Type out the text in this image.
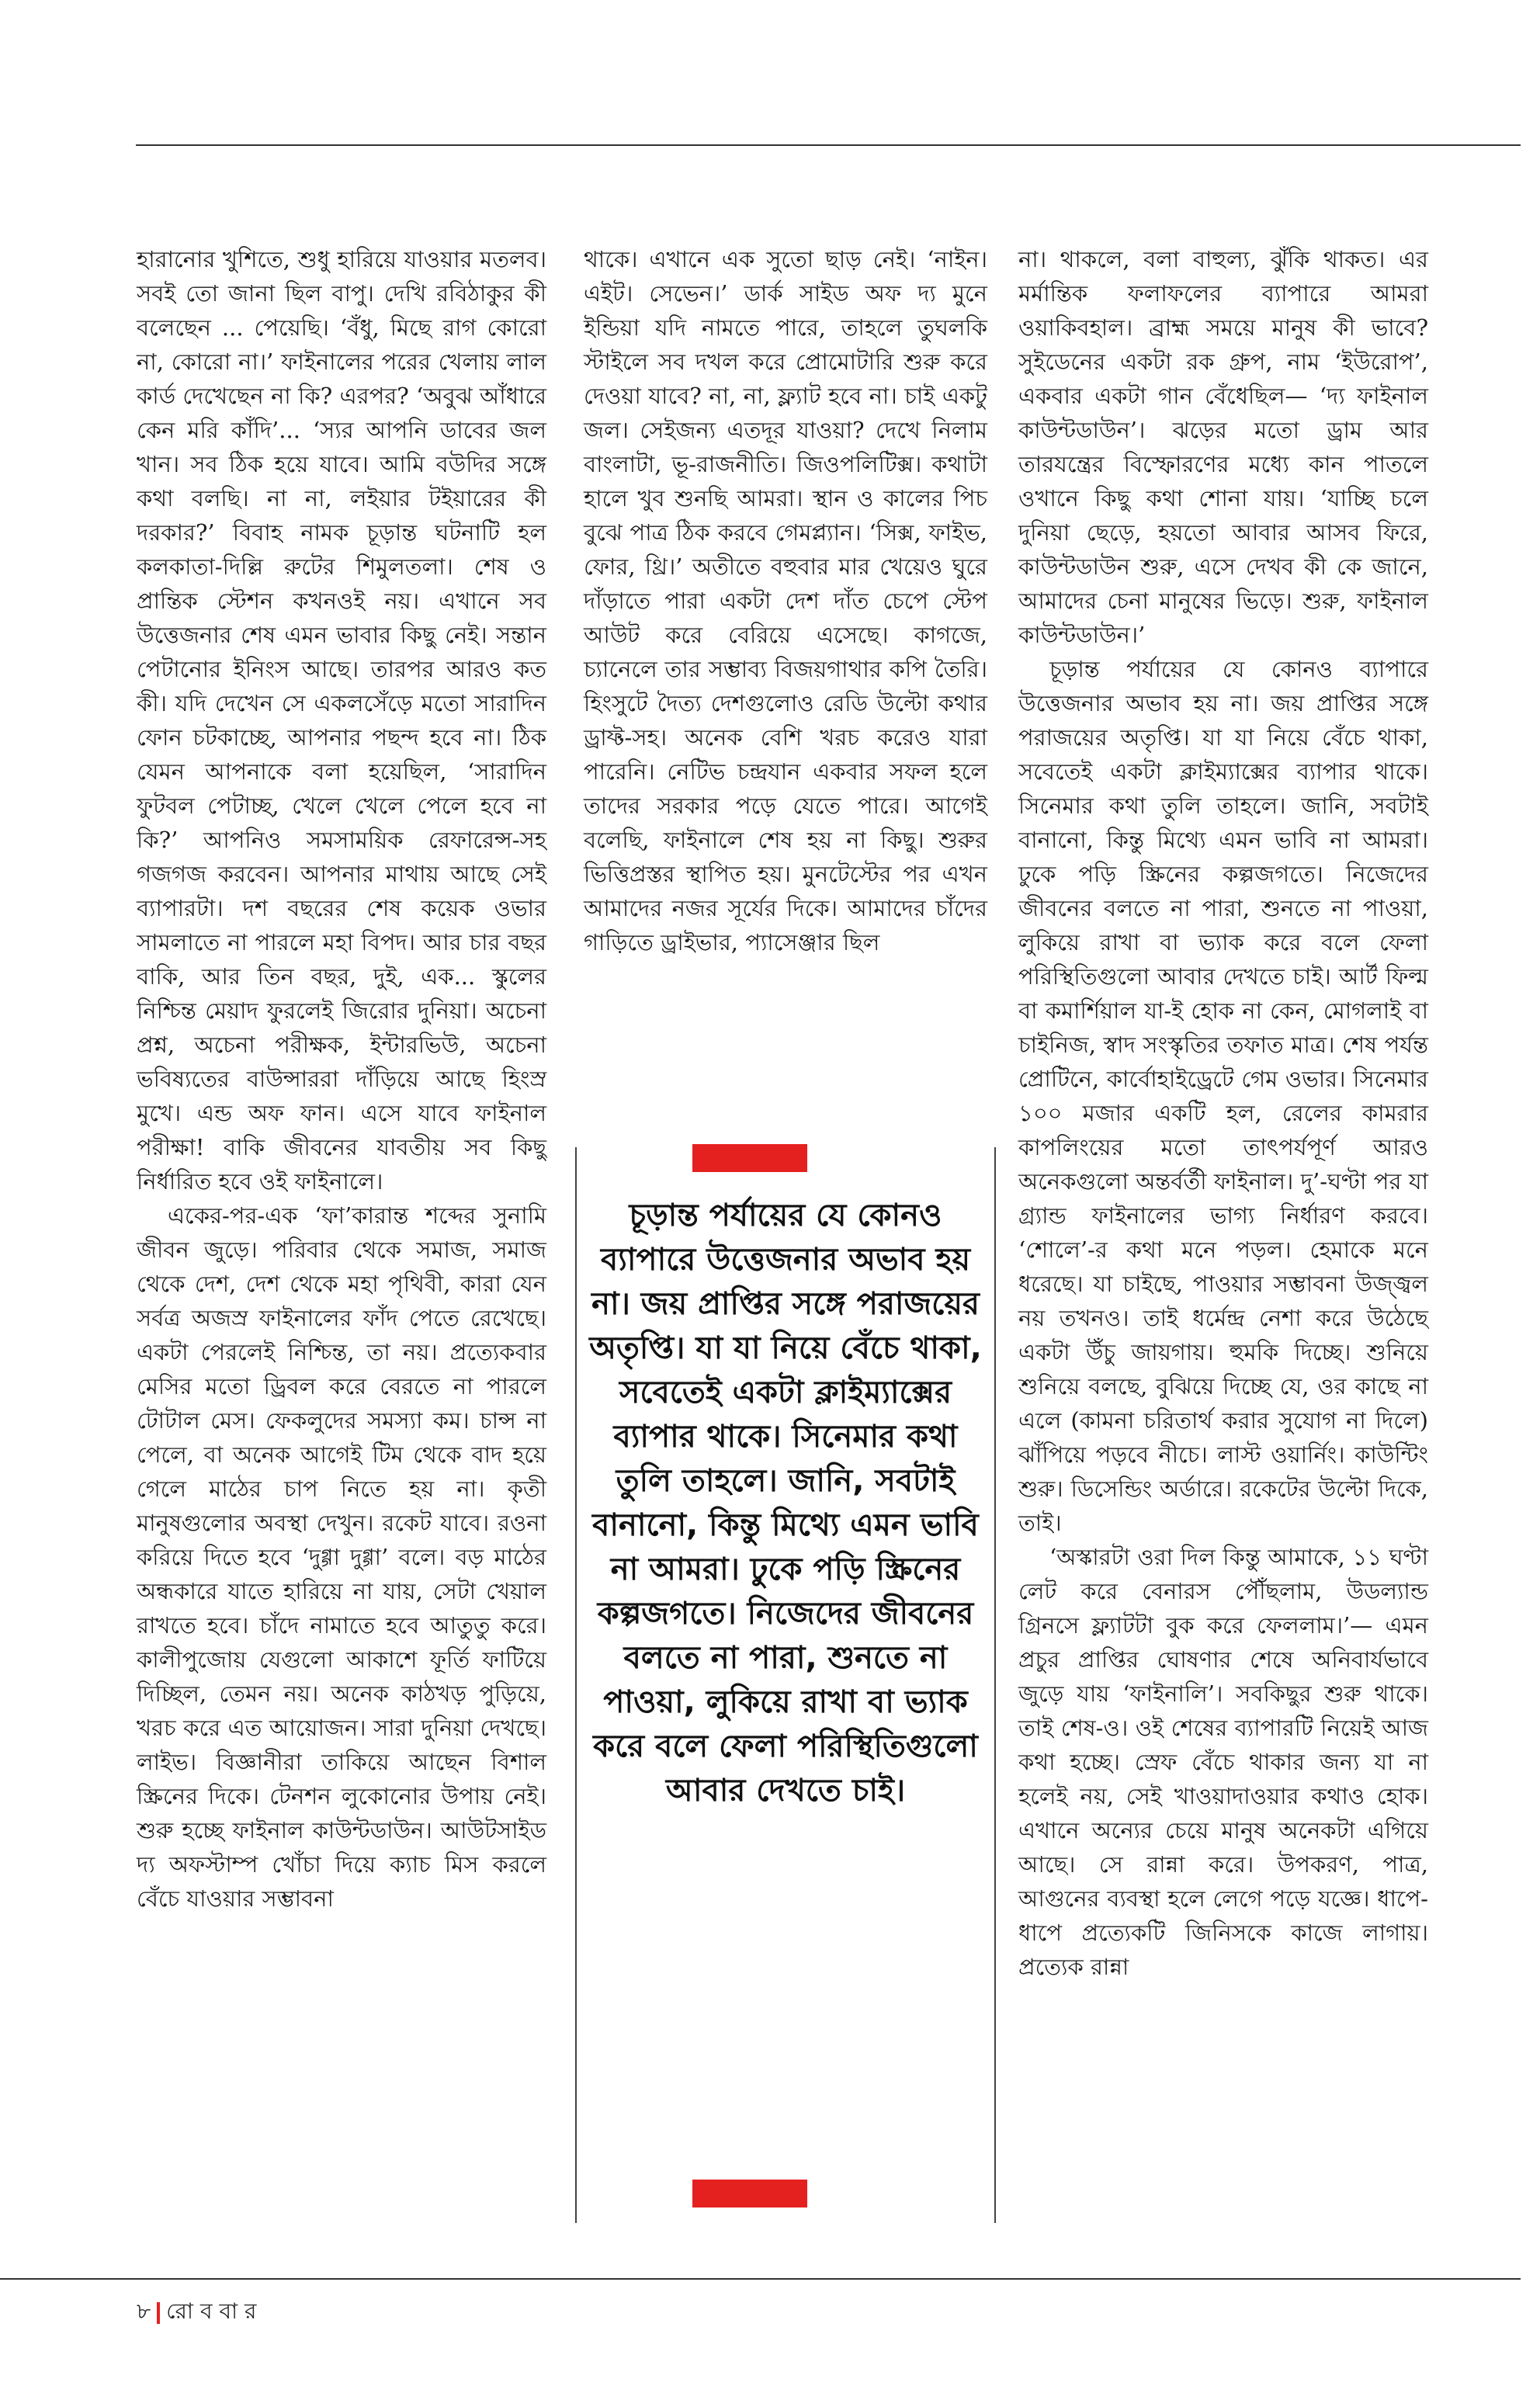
হারানোর খুশিতে, শুধু হারিয়ে যাওয়ার মতলব। সবই তো জানা ছিল বাপু। দেখি রবিঠাকুর কী বলেছেন ... পেয়েছি। ‘বঁধু, মিছে রাগ কোরো না, কোরো না।’ ফাইনালের পরের খেলায় লাল কার্ড দেখেছেন না কি? এরপর? ‘অবুঝ আঁধারে কেন মরি কাঁদি’... ‘স্যর আপনি ডাবের জল খান। সব ঠিক হয়ে যাবে। আমি বউদির সঙ্গে কথা বলছি। না না, লইয়ার টইয়ারের কী দরকার?’ বিবাহ নামক চূড়ান্ত ঘটনাটি হল কলকাতা-দিল্লি রুটের শিমুলতলা। শেষ ও প্রান্তিক স্টেশন কখনওই নয়। এখানে সব উত্তেজনার শেষ এমন ভাবার কিছু নেই। সন্তান পেটানোর ইনিংস আছে। তারপর আরও কত কী। যদি দেখেন সে একলসেঁড়ে মতো সারাদিন ফোন চটকাচ্ছে, আপনার পছন্দ হবে না। ঠিক যেমন আপনাকে বলা হয়েছিল, ‘সারাদিন ফুটবল পেটাচ্ছ, খেলে খেলে পেলে হবে না কি?’ আপনিও সমসাময়িক রেফারেন্স-সহ গজগজ করবেন। আপনার মাথায় আছে সেই ব্যাপারটা। দশ বছরের শেষ কয়েক ওভার সামলাতে না পারলে মহা বিপদ। আর চার বছর বাকি, আর তিন বছর, দুই, এক... স্কুলের নিশ্চিন্ত মেয়াদ ফুরলেই জিরোর দুনিয়া। অচেনা প্রশ্ন, অচেনা পরীক্ষক, ইন্টারভিউ, অচেনা ভবিষ্যতের বাউন্সাররা দাঁড়িয়ে আছে হিংস্র মুখে। এন্ড অফ ফান। এসে যাবে ফাইনাল পরীক্ষা! বাকি জীবনের যাবতীয় সব কিছু নির্ধারিত হবে ওই ফাইনালে।

একের-পর-এক ‘ফা’কারান্ত শব্দের সুনামি জীবন জুড়ে। পরিবার থেকে সমাজ, সমাজ থেকে দেশ, দেশ থেকে মহা পৃথিবী, কারা যেন সর্বত্র অজস্র ফাইনালের ফাঁদ পেতে রেখেছে। একটা পেরলেই নিশ্চিন্ত, তা নয়। প্রত্যেকবার মেসির মতো ড্রিবল করে বেরতে না পারলে টোটাল মেস। ফেকলুদের সমস্যা কম। চান্স না পেলে, বা অনেক আগেই টিম থেকে বাদ হয়ে গেলে মাঠের চাপ নিতে হয় না। কৃতী মানুষগুলোর অবস্থা দেখুন। রকেট যাবে। রওনা করিয়ে দিতে হবে ‘দুগ্গা দুগ্গা’ বলে। বড় মাঠের অন্ধকারে যাতে হারিয়ে না যায়, সেটা খেয়াল রাখতে হবে। চাঁদে নামাতে হবে আতুতু করে। কালীপুজোয় যেগুলো আকাশে ফূর্তি ফাটিয়ে দিচ্ছিল, তেমন নয়। অনেক কাঠখড় পুড়িয়ে, খরচ করে এত আয়োজন। সারা দুনিয়া দেখছে। লাইভ। বিজ্ঞানীরা তাকিয়ে আছেন বিশাল স্ক্রিনের দিকে। টেনশন লুকোনোর উপায় নেই। শুরু হচ্ছে ফাইনাল কাউন্টডাউন। আউটসাইড দ্য অফস্টাম্প খোঁচা দিয়ে ক্যাচ মিস করলে বেঁচে যাওয়ার সম্ভাবনা

থাকে। এখানে এক সুতো ছাড় নেই। ‘নাইন। এইট। সেভেন।’ ডার্ক সাইড অফ দ্য মুনে ইন্ডিয়া যদি নামতে পারে, তাহলে তুঘলকি স্টাইলে সব দখল করে প্রোমোটারি শুরু করে দেওয়া যাবে? না, না, ফ্ল্যাট হবে না। চাই একটু জল। সেইজন্য এতদূর যাওয়া? দেখে নিলাম বাংলাটা, ভূ-রাজনীতি। জিওপলিটিক্স। কথাটা হালে খুব শুনছি আমরা। স্থান ও কালের পিচ বুঝে পাত্র ঠিক করবে গেমপ্ল্যান। ‘সিক্স, ফাইভ, ফোর, থ্রি।’ অতীতে বহুবার মার খেয়েও ঘুরে দাঁড়াতে পারা একটা দেশ দাঁত চেপে স্টেপ আউট করে বেরিয়ে এসেছে। কাগজে, চ্যানেলে তার সম্ভাব্য বিজয়গাথার কপি তৈরি। হিংসুটে দৈত্য দেশগুলোও রেডি উল্টো কথার ড্রাফ্ট-সহ। অনেক বেশি খরচ করেও যারা পারেনি। নেটিভ চন্দ্রযান একবার সফল হলে তাদের সরকার পড়ে যেতে পারে। আগেই বলেছি, ফাইনালে শেষ হয় না কিছু। শুরুর ভিত্তিপ্রস্তর স্থাপিত হয়। মুনটেস্টের পর এখন আমাদের নজর সূর্যের দিকে। আমাদের চাঁদের গাড়িতে ড্রাইভার, প্যাসেঞ্জার ছিল

না। থাকলে, বলা বাহুল্য, ঝুঁকি থাকত। এর মর্মান্তিক ফলাফলের ব্যাপারে আমরা ওয়াকিবহাল। ব্রাহ্ম সময়ে মানুষ কী ভাবে? সুইডেনের একটা রক গ্রুপ, নাম ‘ইউরোপ’, একবার একটা গান বেঁধেছিল— ‘দ্য ফাইনাল কাউন্টডাউন’। ঝড়ের মতো ড্রাম আর তারযন্ত্রের বিস্ফোরণের মধ্যে কান পাতলে ওখানে কিছু কথা শোনা যায়। ‘যাচ্ছি চলে দুনিয়া ছেড়ে, হয়তো আবার আসব ফিরে, কাউন্টডাউন শুরু, এসে দেখব কী কে জানে, আমাদের চেনা মানুষের ভিড়ে। শুরু, ফাইনাল কাউন্টডাউন।’

চূড়ান্ত পর্যায়ের যে কোনও ব্যাপারে উত্তেজনার অভাব হয় না। জয় প্রাপ্তির সঙ্গে পরাজয়ের অতৃপ্তি। যা যা নিয়ে বেঁচে থাকা, সবেতেই একটা ক্লাইম্যাক্সের ব্যাপার থাকে। সিনেমার কথা তুলি তাহলে। জানি, সবটাই বানানো, কিন্তু মিথ্যে এমন ভাবি না আমরা। ঢুকে পড়ি স্ক্রিনের কল্পজগতে। নিজেদের জীবনের বলতে না পারা, শুনতে না পাওয়া, লুকিয়ে রাখা বা ভ্যাক করে বলে ফেলা পরিস্থিতিগুলো আবার দেখতে চাই। আর্ট ফিল্ম বা কমার্শিয়াল যা-ই হোক না কেন, মোগলাই বা চাইনিজ, স্বাদ সংস্কৃতির তফাত মাত্র। শেষ পর্যন্ত প্রোটিনে, কার্বোহাইড্রেটে গেম ওভার। সিনেমার ১০০ মজার একটি হল, রেলের কামরার কাপলিংয়ের মতো তাৎপর্যপূর্ণ আরও অনেকগুলো অন্তর্বর্তী ফাইনাল। দু’-ঘণ্টা পর যা গ্র্যান্ড ফাইনালের ভাগ্য নির্ধারণ করবে। ‘শোলে’-র কথা মনে পড়ল। হেমাকে মনে ধরেছে। যা চাইছে, পাওয়ার সম্ভাবনা উজ্জ্বল নয় তখনও। তাই ধর্মেন্দ্র নেশা করে উঠেছে একটা উঁচু জায়গায়। হুমকি দিচ্ছে। শুনিয়ে শুনিয়ে বলছে, বুঝিয়ে দিচ্ছে যে, ওর কাছে না এলে (কামনা চরিতার্থ করার সুযোগ না দিলে) ঝাঁপিয়ে পড়বে নীচে। লাস্ট ওয়ার্নিং। কাউন্টিং শুরু। ডিসেন্ডিং অর্ডারে। রকেটের উল্টো দিকে, তাই।

‘অস্কারটা ওরা দিল কিন্তু আমাকে, ১১ ঘণ্টা লেট করে বেনারস পৌঁছলাম, উডল্যান্ড গ্রিনসে ফ্ল্যাটটা বুক করে ফেললাম।’— এমন প্রচুর প্রাপ্তির ঘোষণার শেষে অনিবার্যভাবে জুড়ে যায় ‘ফাইনালি’। সবকিছুর শুরু থাকে। তাই শেষ-ও। ওই শেষের ব্যাপারটি নিয়েই আজ কথা হচ্ছে। স্রেফ বেঁচে থাকার জন্য যা না হলেই নয়, সেই খাওয়াদাওয়ার কথাও হোক। এখানে অন্যের চেয়ে মানুষ অনেকটা এগিয়ে আছে। সে রান্না করে। উপকরণ, পাত্র, আগুনের ব্যবস্থা হলে লেগে পড়ে যজ্ঞে। ধাপে-ধাপে প্রত্যেকটি জিনিসকে কাজে লাগায়। প্রত্যেক রান্না

চূড়ান্ত পর্যায়ের যে কোনও ব্যাপারে উত্তেজনার অভাব হয় না। জয় প্রাপ্তির সঙ্গে পরাজয়ের অতৃপ্তি। যা যা নিয়ে বেঁচে থাকা, সবেতেই একটা ক্লাইম্যাক্সের ব্যাপার থাকে। সিনেমার কথা তুলি তাহলে। জানি, সবটাই বানানো, কিন্তু মিথ্যে এমন ভাবি না আমরা। ঢুকে পড়ি স্ক্রিনের কল্পজগতে। নিজেদের জীবনের বলতে না পারা, শুনতে না পাওয়া, লুকিয়ে রাখা বা ভ্যাক করে বলে ফেলা পরিস্থিতিগুলো আবার দেখতে চাই।

৮ রো ব বা র
